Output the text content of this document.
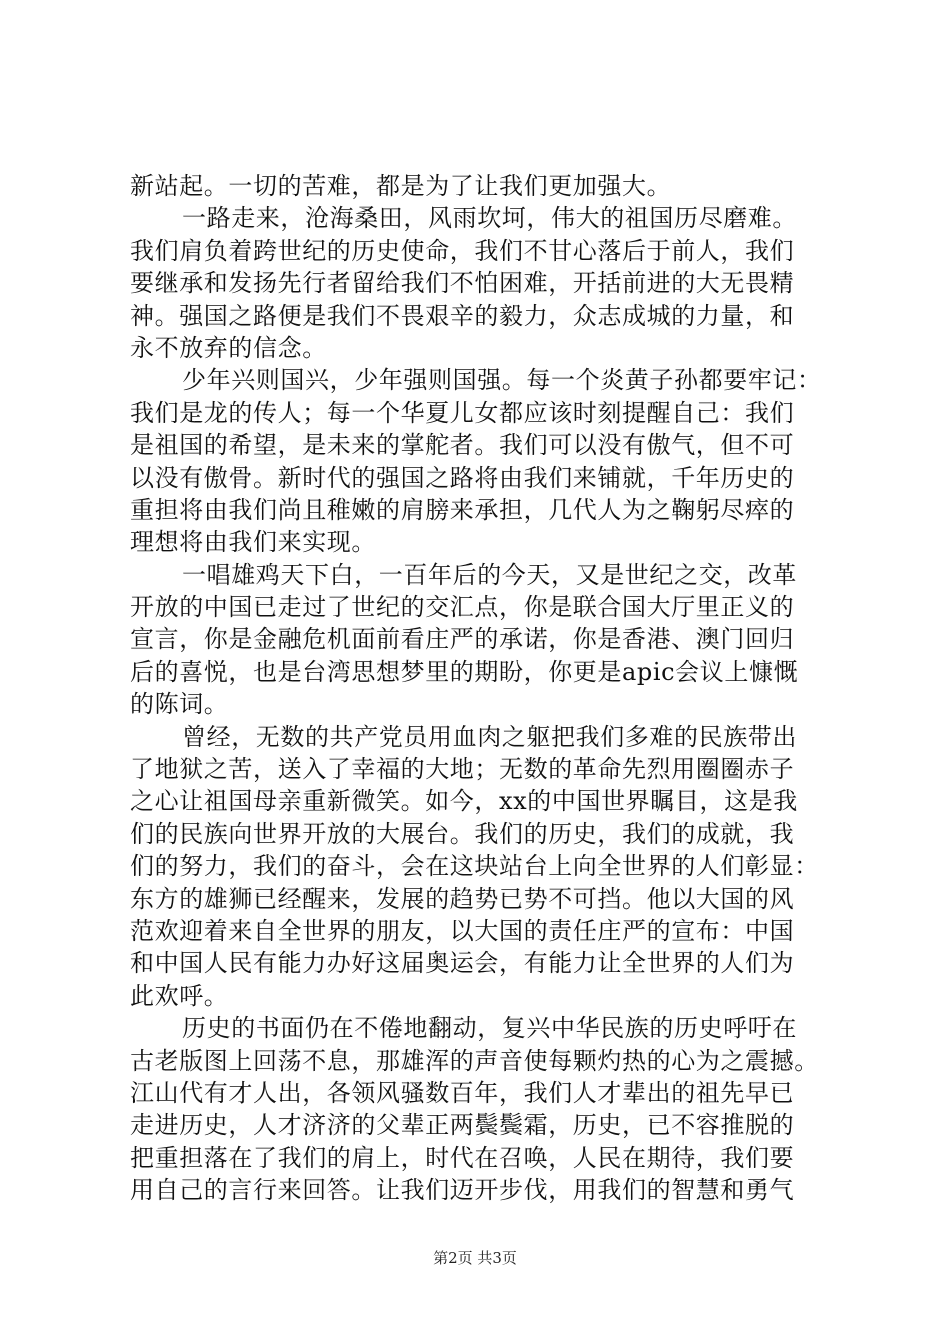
新站起。一切的苦难，都是为了让我们更加强大。
一路走来，沧海桑田，风雨坎坷，伟大的祖国历尽磨难。
我们肩负着跨世纪的历史使命，我们不甘心落后于前人，我们
要继承和发扬先行者留给我们不怕困难，开括前进的大无畏精
神。强国之路便是我们不畏艰辛的毅力，众志成城的力量，和
永不放弃的信念。
少年兴则国兴，少年强则国强。每一个炎黄子孙都要牢记：
我们是龙的传人；每一个华夏儿女都应该时刻提醒自己：我们
是祖国的希望，是未来的掌舵者。我们可以没有傲气，但不可
以没有傲骨。新时代的强国之路将由我们来铺就，千年历史的
重担将由我们尚且稚嫩的肩膀来承担，几代人为之鞠躬尽瘁的
理想将由我们来实现。
一唱雄鸡天下白，一百年后的今天，又是世纪之交，改革
开放的中国已走过了世纪的交汇点，你是联合国大厅里正义的
宣言，你是金融危机面前看庄严的承诺，你是香港、澳门回归
后的喜悦，也是台湾思想梦里的期盼，你更是apic会议上慷慨
的陈词。
曾经，无数的共产党员用血肉之躯把我们多难的民族带出
了地狱之苦，送入了幸福的大地；无数的革命先烈用圈圈赤子
之心让祖国母亲重新微笑。如今，xx的中国世界瞩目，这是我
们的民族向世界开放的大展台。我们的历史，我们的成就，我
们的努力，我们的奋斗，会在这块站台上向全世界的人们彰显：
东方的雄狮已经醒来，发展的趋势已势不可挡。他以大国的风
范欢迎着来自全世界的朋友，以大国的责任庄严的宣布：中国
和中国人民有能力办好这届奥运会，有能力让全世界的人们为
此欢呼。
历史的书面仍在不倦地翻动，复兴中华民族的历史呼吁在
古老版图上回荡不息，那雄浑的声音使每颗灼热的心为之震撼。
江山代有才人出，各领风骚数百年，我们人才辈出的祖先早已
走进历史，人才济济的父辈正两鬓鬓霜，历史，已不容推脱的
把重担落在了我们的肩上，时代在召唤，人民在期待，我们要
用自己的言行来回答。让我们迈开步伐，用我们的智慧和勇气
第2页 共3页
